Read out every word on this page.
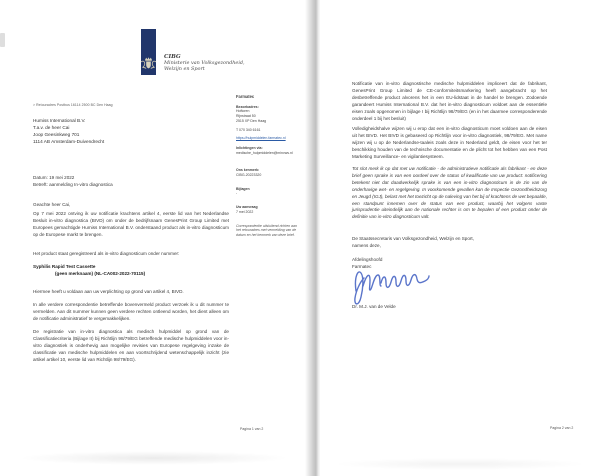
CIBG
Ministerie van Volksgezondheid,
Welzijn en Sport
> Retouradres Postbus 16114 2500 BC Den Haag
Humiss International B.V.
T.a.v. de heer Cai
Joop Geesinkweg 701
1114 AB Amsterdam-Duivendrecht
Farmatec
Bezoekadres:
Hoftoren
Rijnstraat 50
2515 XP Den Haag
T 070 340 6161
https://hulpmiddelen.farmatec.nl
Inlichtingen via:
medische_hulpmiddelen@minvws.nl
Ons kenmerk:
CIBG-20223320
Bijlagen
-
Uw aanvraag
7 mei 2022
Correspondentie uitsluitend richten aan het retouradres met vermelding van de datum en het kenmerk van deze brief.
Datum: 19 mei 2022
Betreft: aanmelding In-vitro diagnostica
Geachte heer Cai,
Op 7 mei 2022 ontving ik uw notificatie krachtens artikel 4, eerste lid van het Nederlandse Besluit in-vitro diagnostica (BIVD) om onder de bedrijfsnaam GenesPrint Group Limited met Europees gemachtigde Humiss International B.V. onderstaand product als in-vitro diagnosticum op de Europese markt te brengen.
Het product staat geregistreerd als in-vitro diagnosticum onder nummer:
Syphilis Rapid Test Cassette
(geen merknaam) (NL-CA002-2022-70115)
Hiermee heeft u voldaan aan uw verplichting op grond van artikel 4, BIVD.
In alle verdere correspondentie betreffende bovenvermeld product verzoek ik u dit nummer te vermelden. Aan dit nummer kunnen geen verdere rechten ontleend worden, het dient alleen om de notificatie administratief te vergemakkelijken.
De registratie van in-vitro diagnostica als medisch hulpmiddel op grond van de Classificatiecriteria (Bijlage II) bij Richtlijn 98/79/EG betreffende medische hulpmiddelen voor in-vitro diagnostiek is onderhevig aan mogelijke revisies van Europese regelgeving inzake de classificatie van medische hulpmiddelen en aan voortschrijdend wetenschappelijk inzicht (zie artikel artikel 10, eerste lid van Richtlijn 98/79/EG).
Pagina 1 van 2
Notificatie van in-vitro diagnostische medische hulpmiddelen impliceert dat de fabrikant, GenesPrint Group Limited de CE-conformiteitsmarkering heeft aangebracht op het desbetreffende product alvorens het in een EU-lidstaat in de handel te brengen. Zodoende garandeert Humiss International B.V. dat het in-vitro diagnosticum voldoet aan de essentiële eisen zoals opgenomen in bijlage I bij Richtlijn 98/79/EG (en in het daarmee corresponderende onderdeel 1 bij het besluit)
Volledigheidshalve wijzen wij u erop dat een in-vitro diagnosticum moet voldoen aan de eisen uit het BIVD. Het BIVD is gebaseerd op Richtlijn voor in-vitro diagnostiek, 98/79/EG. Met name wijzen wij u op de Nederlandse-taaleis zoals deze in Nederland geldt, de eisen voor het ter beschikking houden van de technische documentatie en de plicht tot het hebben van een Post Marketing Surveillance- en vigilantiesysteem.
Tot slot merk ik op dat met uw notificatie - de administratieve notificatie als fabrikant - en deze brief geen sprake is van een oordeel over de status of kwalificatie van uw product: notificering betekent niet dat daadwerkelijk sprake is van een in-vitro diagnosticum in de zin van de onderhavige wet- en regelgeving. In voorkomende gevallen kan de Inspectie Gezondheidszorg en Jeugd (IGJ), belast met het toezicht op de naleving van het bij of krachtens de wet bepaalde, een standpunt innemen over de status van een product, waarbij het volgens vaste jurisprudentie uiteindelijk aan de nationale rechter is om te bepalen of een product onder de definitie van in-vitro diagnosticum valt.
De Staatssecretaris van Volksgezondheid, Welzijn en Sport,
namens deze,
Afdelingshoofd
Farmatec
Dr. M.J. van de Velde
Pagina 2 van 2
